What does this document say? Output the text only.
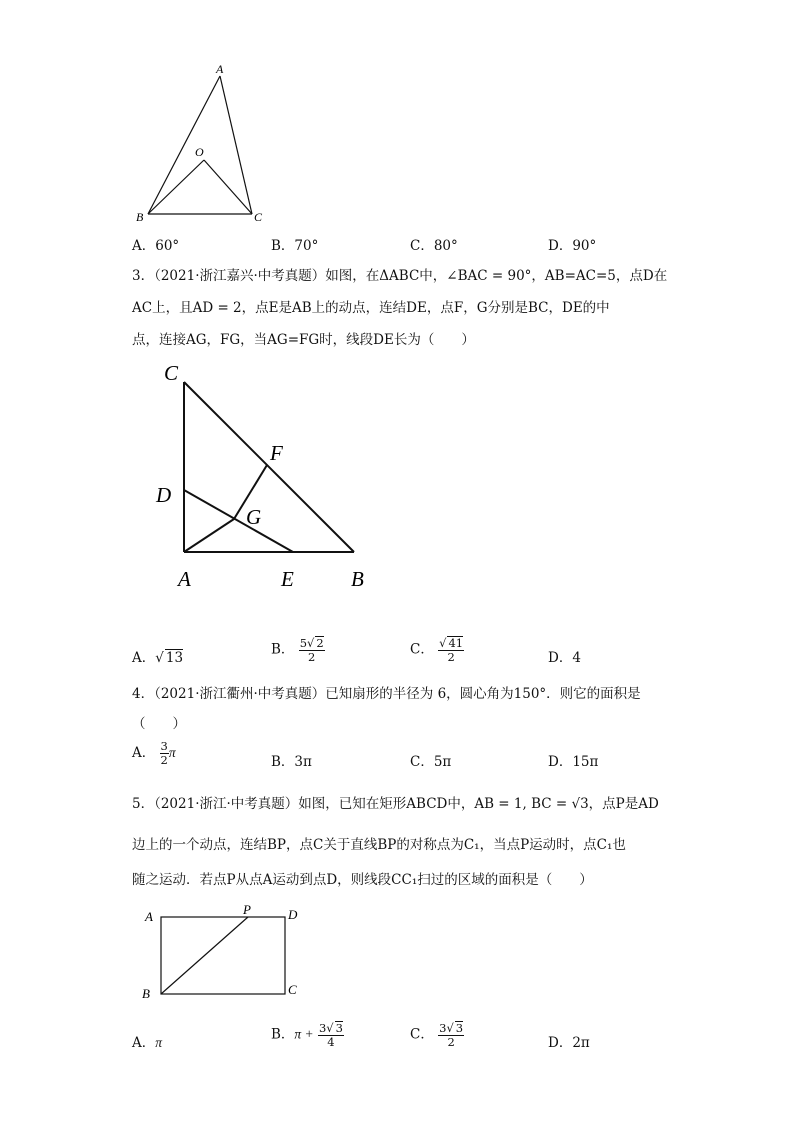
A
O
B	C
A．60°	B．70°	C．80°	D．90°
3．（2021·浙江嘉兴·中考真题）如图，在ΔABC中，∠BAC = 90°，AB=AC=5，点D在
AC上，且AD = 2，点E是AB上的动点，连结DE，点F，G分别是BC，DE的中
点，连接AG，FG，当AG=FG时，线段DE长为（　　）
C
F
D
G
A	E	B
A．√ 13
B． $\frac{5√ 2}{2}$	C． $\frac{√ 41}{2}$	D．4
4．（2021·浙江衢州·中考真题）已知扇形的半径为 6，圆心角为150°．则它的面积是
（　　）
A． $\frac{3}{2}$ π
B．3π	C．5π	D．15π
5．（2021·浙江·中考真题）如图，已知在矩形ABCD中，AB = 1, BC = √3，点P是AD
边上的一个动点，连结BP，点C关于直线BP的对称点为C₁，当点P运动时，点C₁也
随之运动．若点P从点A运动到点D，则线段CC₁扫过的区域的面积是（　　）
A	P	D
B	C
A．π	B．$\pi + \frac{3√ 3}{4}$	C． $\frac{3√ 3}{2}$	D．2π
